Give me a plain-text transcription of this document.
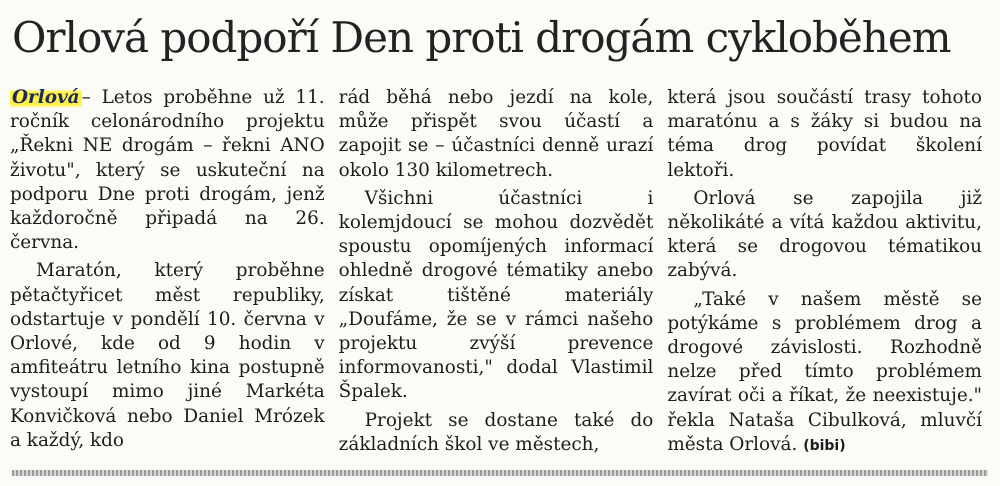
Orlová podpoří Den proti drogám cykloběhem

Orlová – Letos proběhne už 11. ročník celonárodního projektu „Řekni NE drogám – řekni ANO životu", který se uskuteční na podporu Dne proti drogám, jenž každoročně připadá na 26. června.

Maratón, který proběhne pětačtyřicet měst republiky, odstartuje v pondělí 10. června v Orlové, kde od 9 hodin v amfiteátru letního kina postupně vystoupí mimo jiné Markéta Konvičková nebo Daniel Mrózek a každý, kdo

rád běhá nebo jezdí na kole, může přispět svou účastí a zapojit se – účastníci denně urazí okolo 130 kilometrech.

Všichni účastníci i kolemjdoucí se mohou dozvědět spoustu opomíjených informací ohledně drogové tématiky anebo získat tištěné materiály „Doufáme, že se v rámci našeho projektu zvýší prevence informovanosti," dodal Vlastimil Špalek.

Projekt se dostane také do základních škol ve městech,

která jsou součástí trasy tohoto maratónu a s žáky si budou na téma drog povídat školení lektoři.

Orlová se zapojila již několikáté a vítá každou aktivitu, která se drogovou tématikou zabývá.

„Také v našem městě se potýkáme s problémem drog a drogové závislosti. Rozhodně nelze před tímto problémem zavírat oči a říkat, že neexistuje." řekla Nataša Cibulková, mluvčí města Orlová. (bibi)
